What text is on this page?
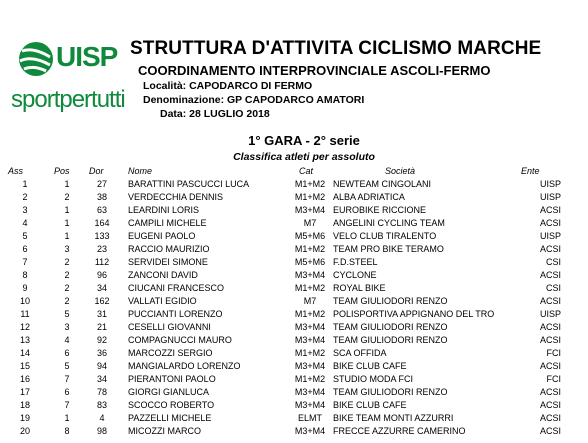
UISP
sportpertutti
STRUTTURA D'ATTIVITA CICLISMO MARCHE
COORDINAMENTO INTERPROVINCIALE ASCOLI-FERMO
Località: CAPODARCO DI FERMO
Denominazione: GP CAPODARCO AMATORI
Data: 28 LUGLIO 2018
1° GARA - 2° serie
Classifica atleti per assoluto
Ass	Pos Dor	Nome	Cat	Società	Ente
1	1	27	BARATTINI PASCUCCI LUCA	M1+M2 NEWTEAM CINGOLANI	UISP
2	2	38	VERDECCHIA DENNIS	M1+M2 ALBA ADRIATICA	UISP
3	1	63	LEARDINI LORIS	M3+M4 EUROBIKE RICCIONE	ACSI
4	1	164	CAMPILI MICHELE	M7	ANGELINI CYCLING TEAM	ACSI
5	1	133	EUGENI PAOLO	M5+M6 VELO CLUB TIRALENTO	UISP
6	3	23	RACCIO MAURIZIO	M1+M2 TEAM PRO BIKE TERAMO	ACSI
7	2	112	SERVIDEI SIMONE	M5+M6 F.D.STEEL	CSI
8	2	96	ZANCONI DAVID	M3+M4 CYCLONE	ACSI
9	2	34	CIUCANI FRANCESCO	M1+M2 ROYAL BIKE	CSI
10	2	162	VALLATI EGIDIO	M7	TEAM GIULIODORI RENZO	ACSI
11	5	31	PUCCIANTI LORENZO	M1+M2 POLISPORTIVA APPIGNANO DEL TRO	UISP
12	3	21	CESELLI GIOVANNI	M3+M4 TEAM GIULIODORI RENZO	ACSI
13	4	92	COMPAGNUCCI MAURO	M3+M4 TEAM GIULIODORI RENZO	ACSI
14	6	36	MARCOZZI SERGIO	M1+M2 SCA OFFIDA	FCI
15	5	94	MANGIALARDO LORENZO	M3+M4 BIKE CLUB CAFE	ACSI
16	7	34	PIERANTONI PAOLO	M1+M2 STUDIO MODA FCI	FCI
17	6	78	GIORGI GIANLUCA	M3+M4 TEAM GIULIODORI RENZO	ACSI
18	7	83	SCOCCO ROBERTO	M3+M4 BIKE CLUB CAFE	ACSI
19	1	4	PAZZELLI MICHELE	ELMT	BIKE TEAM MONTI AZZURRI	ACSI
20	8	98	MICOZZI MARCO	M3+M4 FRECCE AZZURRE CAMERINO	ACSI
